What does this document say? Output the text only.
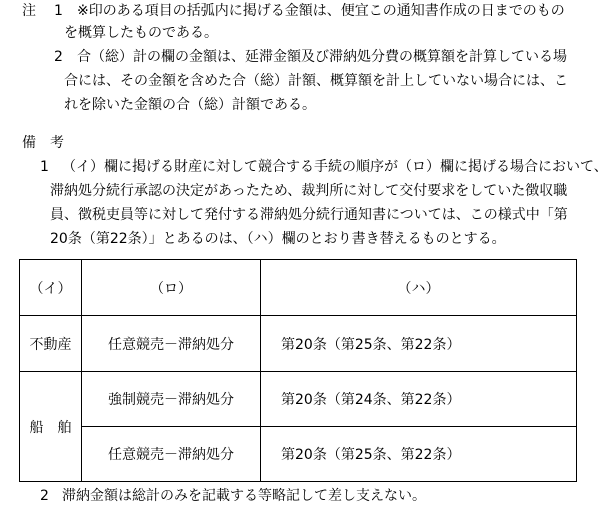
注 1 ※印のある項目の括弧内に掲げる金額は、便宜この通知書作成の日までのもの
を概算したものである。
2 合（総）計の欄の金額は、延滞金額及び滞納処分費の概算額を計算している場
合には、その金額を含めた合（総）計額、概算額を計上していない場合には、こ
れを除いた金額の合（総）計額である。
備　考
1 （イ）欄に掲げる財産に対して競合する手続の順序が（ロ）欄に掲げる場合において、
滞納処分続行承認の決定があったため、裁判所に対して交付要求をしていた徴収職
員、徴税吏員等に対して発付する滞納処分続行通知書については、この様式中「第
20条（第22条）」とあるのは、（ハ）欄のとおり書き替えるものとする。
（イ）	（ロ）	（ハ）
不動産	任意競売－滞納処分	第20条（第25条、第22条）
船　舶	強制競売－滞納処分	第20条（第24条、第22条）
	任意競売－滞納処分	第20条（第25条、第22条）
2 滞納金額は総計のみを記載する等略記して差し支えない。
